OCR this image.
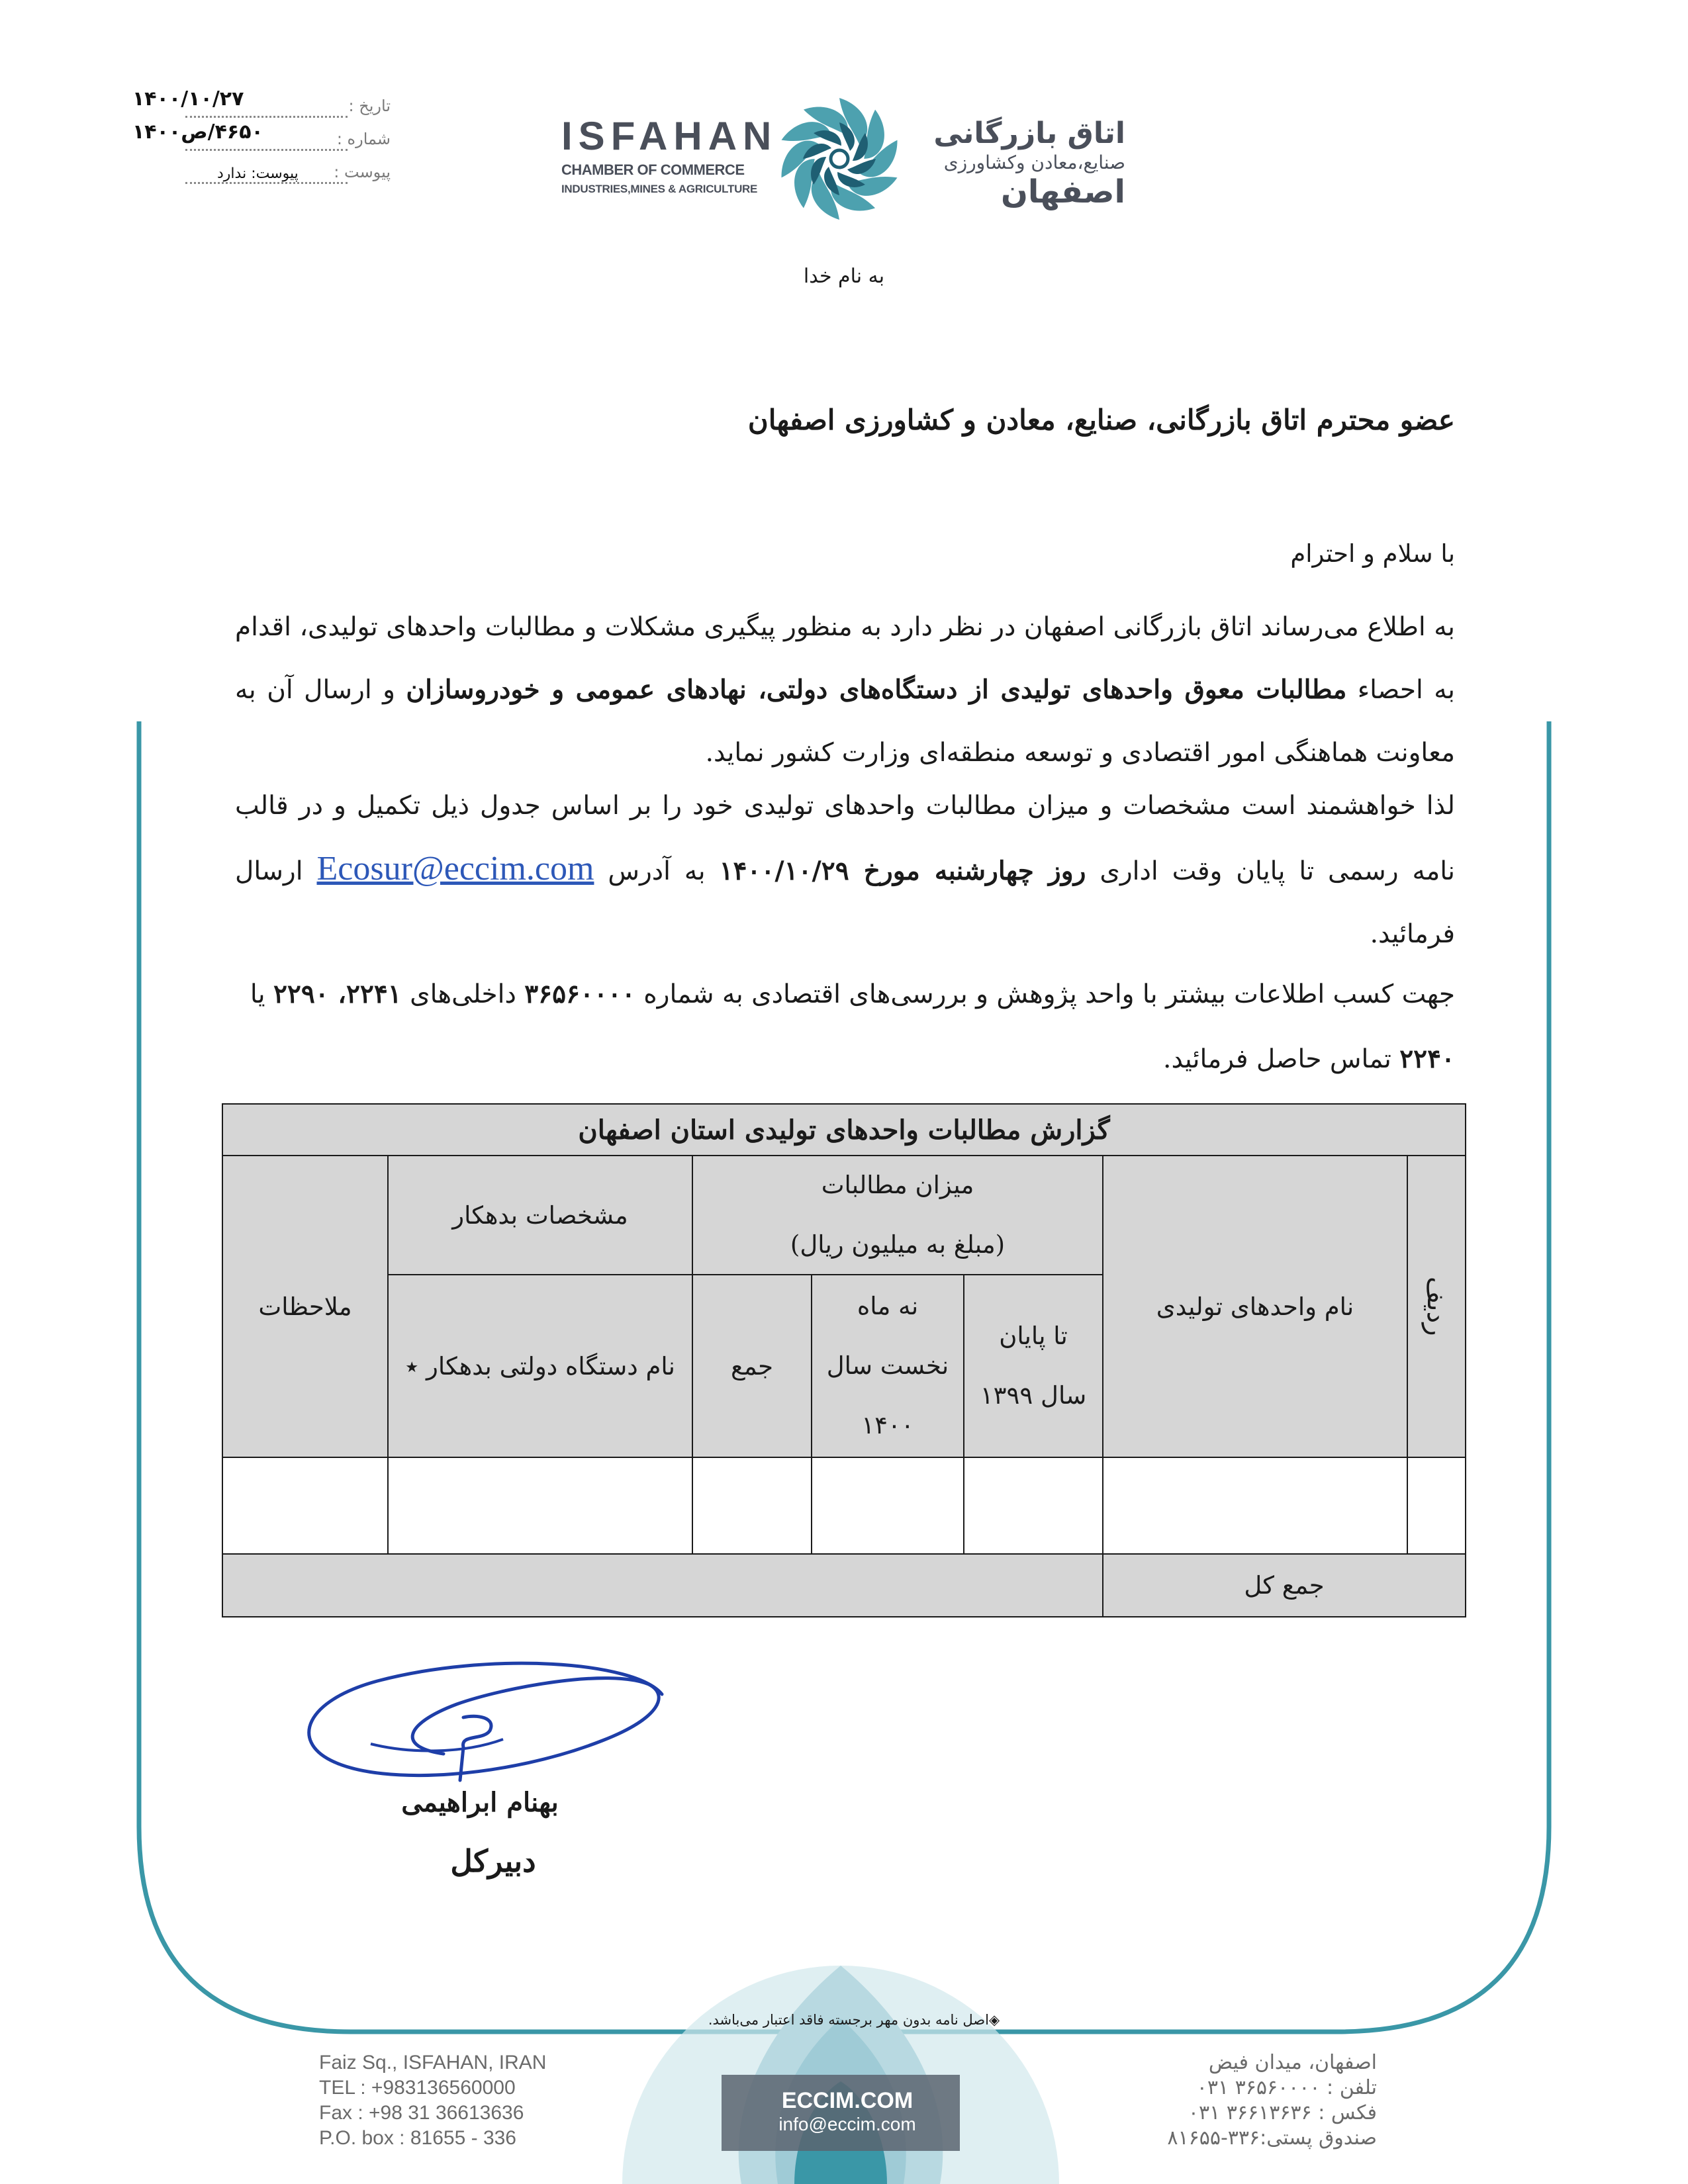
تاریخ :
۱۴۰۰/۱۰/۲۷
شماره :
۴۶۵۰/ص۱۴۰۰
پیوست :
پیوست: ندارد
ISFAHAN
CHAMBER OF COMMERCE
INDUSTRIES,MINES & AGRICULTURE
اتاق بازرگانی
صنایع،معادن وکشاورزی
اصفهان
به نام خدا
عضو محترم اتاق بازرگانی، صنایع، معادن و کشاورزی اصفهان
با سلام و احترام
به اطلاع می‌رساند اتاق بازرگانی اصفهان در نظر دارد به منظور پیگیری مشکلات و مطالبات واحدهای تولیدی، اقدام به احصاء مطالبات معوق واحدهای تولیدی از دستگاه‌های دولتی، نهادهای عمومی و خودروسازان و ارسال آن به معاونت هماهنگی امور اقتصادی و توسعه منطقه‌ای وزارت کشور نماید.
لذا خواهشمند است مشخصات و میزان مطالبات واحدهای تولیدی خود را بر اساس جدول ذیل تکمیل و در قالب نامه رسمی تا پایان وقت اداری روز چهارشنبه مورخ ۱۴۰۰/۱۰/۲۹ به آدرس Ecosur@eccim.com ارسال فرمائید.
جهت کسب اطلاعات بیشتر با واحد پژوهش و بررسی‌های اقتصادی به شماره ۳۶۵۶۰۰۰۰ داخلی‌های ۲۲۴۱، ۲۲۹۰ یا
۲۲۴۰ تماس حاصل فرمائید.
گزارش مطالبات واحدهای تولیدی استان اصفهان
ردیف
نام واحدهای تولیدی
میزان مطالبات
(مبلغ به میلیون ریال)
تا پایان
سال ۱۳۹۹
نه ماه
نخست سال
۱۴۰۰
جمع
مشخصات بدهکار
نام دستگاه دولتی بدهکار ٭
ملاحظات
جمع کل
بهنام ابراهیمی
دبیرکل
ECCIM.COM
info@eccim.com
◈اصل نامه بدون مهر برجسته فاقد اعتبار می‌باشد.
Faiz Sq., ISFAHAN, IRAN
TEL : +983136560000
Fax : +98 31 36613636
P.O. box : 81655 - 336
اصفهان، میدان فیض
تلفن : ۳۶۵۶۰۰۰۰ ۰۳۱
فکس : ۳۶۶۱۳۶۳۶ ۰۳۱
صندوق پستی:۳۳۶-۸۱۶۵۵
